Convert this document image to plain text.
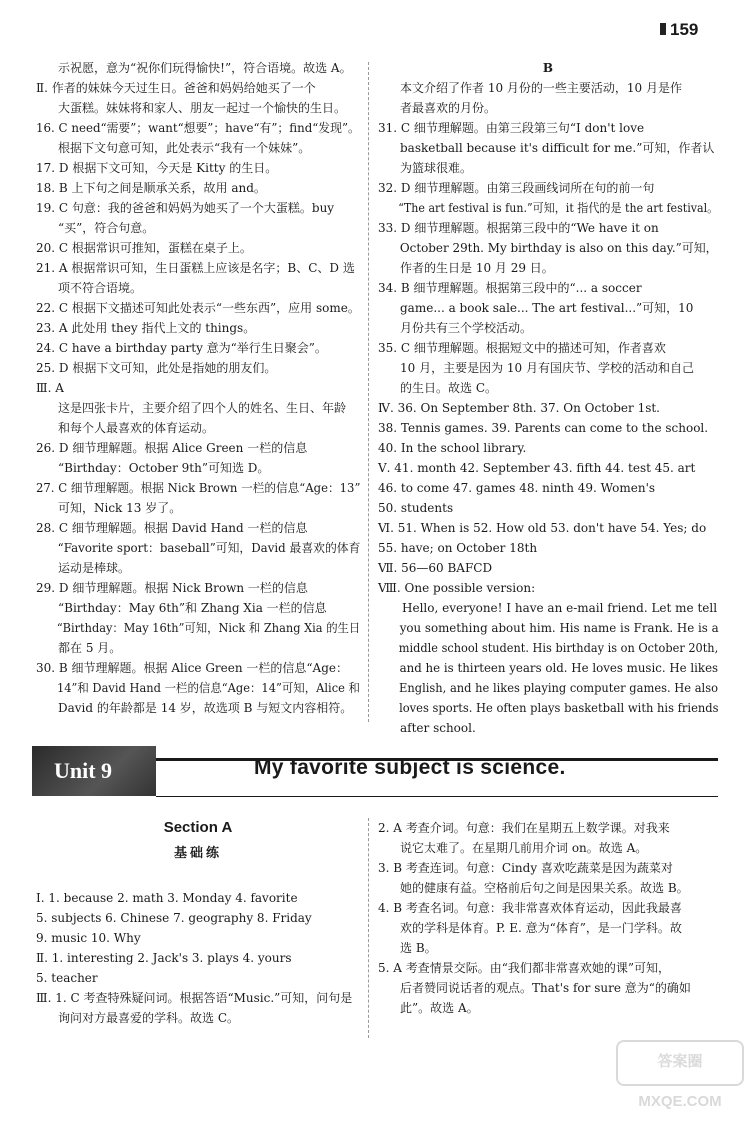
159
示祝愿，意为“祝你们玩得愉快!”，符合语境。故选 A。
Ⅱ. 作者的妹妹今天过生日。爸爸和妈妈给她买了一个
大蛋糕。妹妹将和家人、朋友一起过一个愉快的生日。
16. C need“需要”；want“想要”；have“有”；find“发现”。
根据下文句意可知，此处表示“我有一个妹妹”。
17. D 根据下文可知，今天是 Kitty 的生日。
18. B 上下句之间是顺承关系，故用 and。
19. C 句意：我的爸爸和妈妈为她买了一个大蛋糕。buy
“买”，符合句意。
20. C 根据常识可推知，蛋糕在桌子上。
21. A 根据常识可知，生日蛋糕上应该是名字；B、C、D 选
项不符合语境。
22. C 根据下文描述可知此处表示“一些东西”，应用 some。
23. A 此处用 they 指代上文的 things。
24. C have a birthday party 意为“举行生日聚会”。
25. D 根据下文可知，此处是指她的朋友们。
Ⅲ. A
这是四张卡片，主要介绍了四个人的姓名、生日、年龄
和每个人最喜欢的体育运动。
26. D 细节理解题。根据 Alice Green 一栏的信息
“Birthday：October 9th”可知选 D。
27. C 细节理解题。根据 Nick Brown 一栏的信息“Age：13”
可知，Nick 13 岁了。
28. C 细节理解题。根据 David Hand 一栏的信息
“Favorite sport：baseball”可知，David 最喜欢的体育
运动是棒球。
29. D 细节理解题。根据 Nick Brown 一栏的信息
“Birthday：May 6th”和 Zhang Xia 一栏的信息
“Birthday：May 16th”可知，Nick 和 Zhang Xia 的生日
都在 5 月。
30. B 细节理解题。根据 Alice Green 一栏的信息“Age：
14”和 David Hand 一栏的信息“Age：14”可知，Alice 和
David 的年龄都是 14 岁，故选项 B 与短文内容相符。
B
本文介绍了作者 10 月份的一些主要活动，10 月是作
者最喜欢的月份。
31. C 细节理解题。由第三段第三句“I don't love
basketball because it's difficult for me.”可知，作者认
为篮球很难。
32. D 细节理解题。由第三段画线词所在句的前一句
“The art festival is fun.”可知，it 指代的是 the art festival。
33. D 细节理解题。根据第三段中的“We have it on
October 29th. My birthday is also on this day.”可知，
作者的生日是 10 月 29 日。
34. B 细节理解题。根据第三段中的“... a soccer
game... a book sale... The art festival...”可知，10
月份共有三个学校活动。
35. C 细节理解题。根据短文中的描述可知，作者喜欢
10 月，主要是因为 10 月有国庆节、学校的活动和自己
的生日。故选 C。
Ⅳ. 36. On September 8th. 37. On October 1st.
38. Tennis games. 39. Parents can come to the school.
40. In the school library.
Ⅴ. 41. month 42. September 43. fifth 44. test 45. art
46. to come 47. games 48. ninth 49. Women's
50. students
Ⅵ. 51. When is 52. How old 53. don't have 54. Yes; do
55. have; on October 18th
Ⅶ. 56—60 BAFCD
Ⅷ. One possible version:
Hello, everyone! I have an e-mail friend. Let me tell
you something about him. His name is Frank. He is a
middle school student. His birthday is on October 20th,
and he is thirteen years old. He loves music. He likes
English, and he likes playing computer games. He also
loves sports. He often plays basketball with his friends
after school.
Unit 9	My favorite subject is science.
Section A
基础练
Ⅰ. 1. because 2. math 3. Monday 4. favorite
5. subjects 6. Chinese 7. geography 8. Friday
9. music 10. Why
Ⅱ. 1. interesting 2. Jack's 3. plays 4. yours
5. teacher
Ⅲ. 1. C 考查特殊疑问词。根据答语“Music.”可知，问句是
询问对方最喜爱的学科。故选 C。
2. A 考查介词。句意：我们在星期五上数学课。对我来
说它太难了。在星期几前用介词 on。故选 A。
3. B 考查连词。句意：Cindy 喜欢吃蔬菜是因为蔬菜对
她的健康有益。空格前后句之间是因果关系。故选 B。
4. B 考查名词。句意：我非常喜欢体育运动，因此我最喜
欢的学科是体育。P. E. 意为“体育”，是一门学科。故
选 B。
5. A 考查情景交际。由“我们都非常喜欢她的课”可知，
后者赞同说话者的观点。That's for sure 意为“的确如
此”。故选 A。
答案圈 MXQE.COM
